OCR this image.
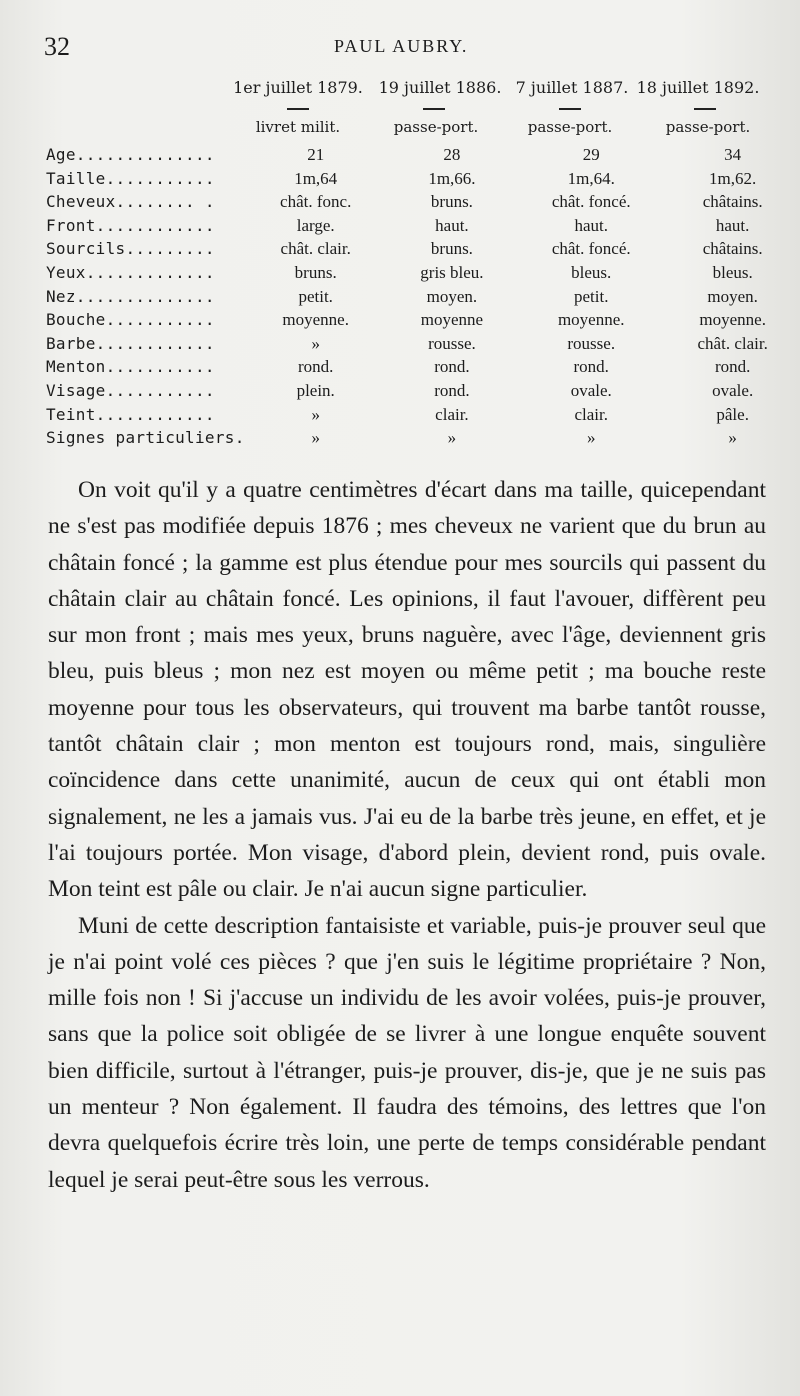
32	PAUL AUBRY.
1er juillet 1879. 19 juillet 1886. 7 juillet 1887. 18 juillet 1892.
livret milit.	passe-port.	passe-port.	passe-port.
Age..............	21	28	29	34
Taille...........	1m,64	1m,66.	1m,64.	1m,62.
Cheveux........ .	chât. fonc.	bruns.	chât. foncé.	châtains.
Front............	large.	haut.	haut.	haut.
Sourcils.........	chât. clair.	bruns.	chât. foncé.	châtains.
Yeux.............	bruns.	gris bleu.	bleus.	bleus.
Nez..............	petit.	moyen.	petit.	moyen.
Bouche...........	moyenne.	moyenne	moyenne.	moyenne.
Barbe............	»	rousse.	rousse.	chât. clair.
Menton...........	rond.	rond.	rond.	rond.
Visage...........	plein.	rond.	ovale.	ovale.
Teint............	»	clair.	clair.	pâle.
Signes particuliers.	»	»	»	»

On voit qu'il y a quatre centimètres d'écart dans ma taille, quicependant ne s'est pas modifiée depuis 1876 ; mes cheveux ne varient que du brun au châtain foncé ; la gamme est plus étendue pour mes sourcils qui passent du châtain clair au châtain foncé. Les opinions, il faut l'avouer, diffèrent peu sur mon front ; mais mes yeux, bruns naguère, avec l'âge, deviennent gris bleu, puis bleus ; mon nez est moyen ou même petit ; ma bouche reste moyenne pour tous les observateurs, qui trouvent ma barbe tantôt rousse, tantôt châtain clair ; mon menton est toujours rond, mais, singulière coïncidence dans cette unanimité, aucun de ceux qui ont établi mon signalement, ne les a jamais vus. J'ai eu de la barbe très jeune, en effet, et je l'ai toujours portée. Mon visage, d'abord plein, devient rond, puis ovale. Mon teint est pâle ou clair. Je n'ai aucun signe particulier.

Muni de cette description fantaisiste et variable, puis-je prouver seul que je n'ai point volé ces pièces ? que j'en suis le légitime propriétaire ? Non, mille fois non ! Si j'accuse un individu de les avoir volées, puis-je prouver, sans que la police soit obligée de se livrer à une longue enquête souvent bien difficile, surtout à l'étranger, puis-je prouver, dis-je, que je ne suis pas un menteur ? Non également. Il faudra des témoins, des lettres que l'on devra quelquefois écrire très loin, une perte de temps considérable pendant lequel je serai peut-être sous les verrous.
